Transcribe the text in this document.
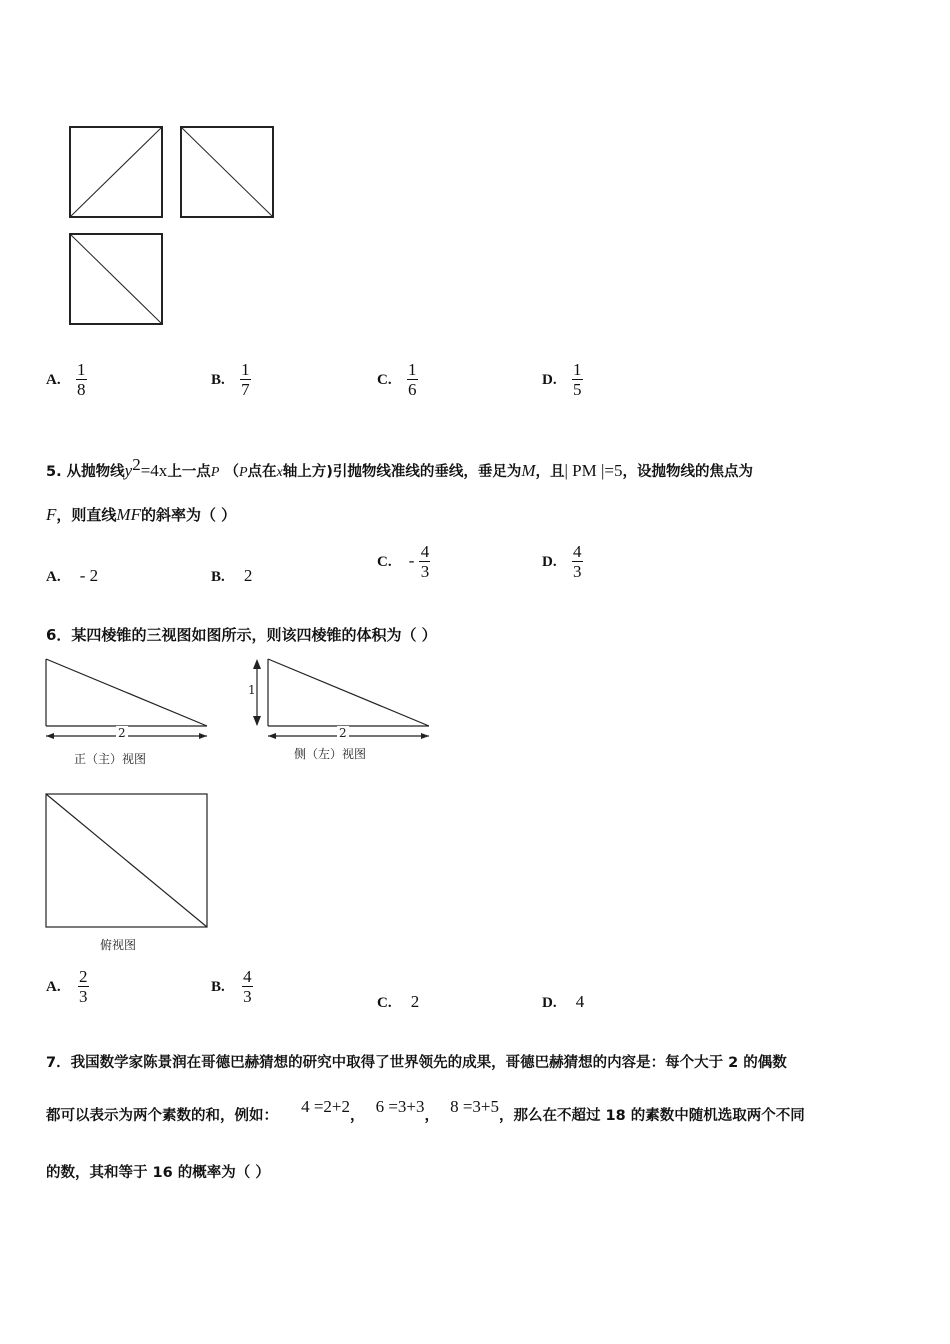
A. $\frac{1}{8}$	B. $\frac{1}{7}$	C. $\frac{1}{6}$	D. $\frac{1}{5}$
5. 从抛物线$y^2=4x$上一点P （P点在x轴上方)引抛物线准线的垂线，垂足为M，且| PM |=5，设抛物线的焦点为
F，则直线MF的斜率为（ ）
A. - 2	B. 2
C. - $\frac{4}{3}$	D. $\frac{4}{3}$
6．某四棱锥的三视图如图所示，则该四棱锥的体积为（ ）
2
正（主）视图
1
2
侧（左）视图
俯视图
A. $\frac{2}{3}$	B. $\frac{4}{3}$	C. 2	D. 4
7．我国数学家陈景润在哥德巴赫猜想的研究中取得了世界领先的成果，哥德巴赫猜想的内容是：每个大于 2 的偶数
都可以表示为两个素数的和，例如： 4 =2+2， 6 =3+3， 8 =3+5，那么在不超过 18 的素数中随机选取两个不同
的数，其和等于 16 的概率为（ ）
